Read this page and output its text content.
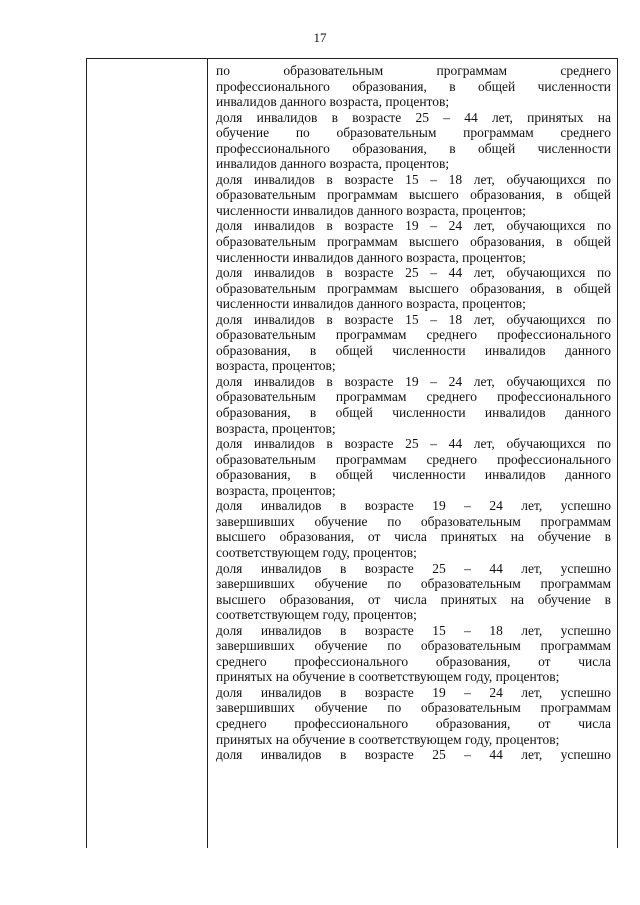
17
по образовательным программам среднего
профессионального образования, в общей численности
инвалидов данного возраста, процентов;
доля инвалидов в возрасте 25 – 44 лет, принятых на
обучение по образовательным программам среднего
профессионального образования, в общей численности
инвалидов данного возраста, процентов;
доля инвалидов в возрасте 15 – 18 лет, обучающихся по
образовательным программам высшего образования, в общей
численности инвалидов данного возраста, процентов;
доля инвалидов в возрасте 19 – 24 лет, обучающихся по
образовательным программам высшего образования, в общей
численности инвалидов данного возраста, процентов;
доля инвалидов в возрасте 25 – 44 лет, обучающихся по
образовательным программам высшего образования, в общей
численности инвалидов данного возраста, процентов;
доля инвалидов в возрасте 15 – 18 лет, обучающихся по
образовательным программам среднего профессионального
образования, в общей численности инвалидов данного
возраста, процентов;
доля инвалидов в возрасте 19 – 24 лет, обучающихся по
образовательным программам среднего профессионального
образования, в общей численности инвалидов данного
возраста, процентов;
доля инвалидов в возрасте 25 – 44 лет, обучающихся по
образовательным программам среднего профессионального
образования, в общей численности инвалидов данного
возраста, процентов;
доля инвалидов в возрасте 19 – 24 лет, успешно
завершивших обучение по образовательным программам
высшего образования, от числа принятых на обучение в
соответствующем году, процентов;
доля инвалидов в возрасте 25 – 44 лет, успешно
завершивших обучение по образовательным программам
высшего образования, от числа принятых на обучение в
соответствующем году, процентов;
доля инвалидов в возрасте 15 – 18 лет, успешно
завершивших обучение по образовательным программам
среднего профессионального образования, от числа
принятых на обучение в соответствующем году, процентов;
доля инвалидов в возрасте 19 – 24 лет, успешно
завершивших обучение по образовательным программам
среднего профессионального образования, от числа
принятых на обучение в соответствующем году, процентов;
доля инвалидов в возрасте 25 – 44 лет, успешно
